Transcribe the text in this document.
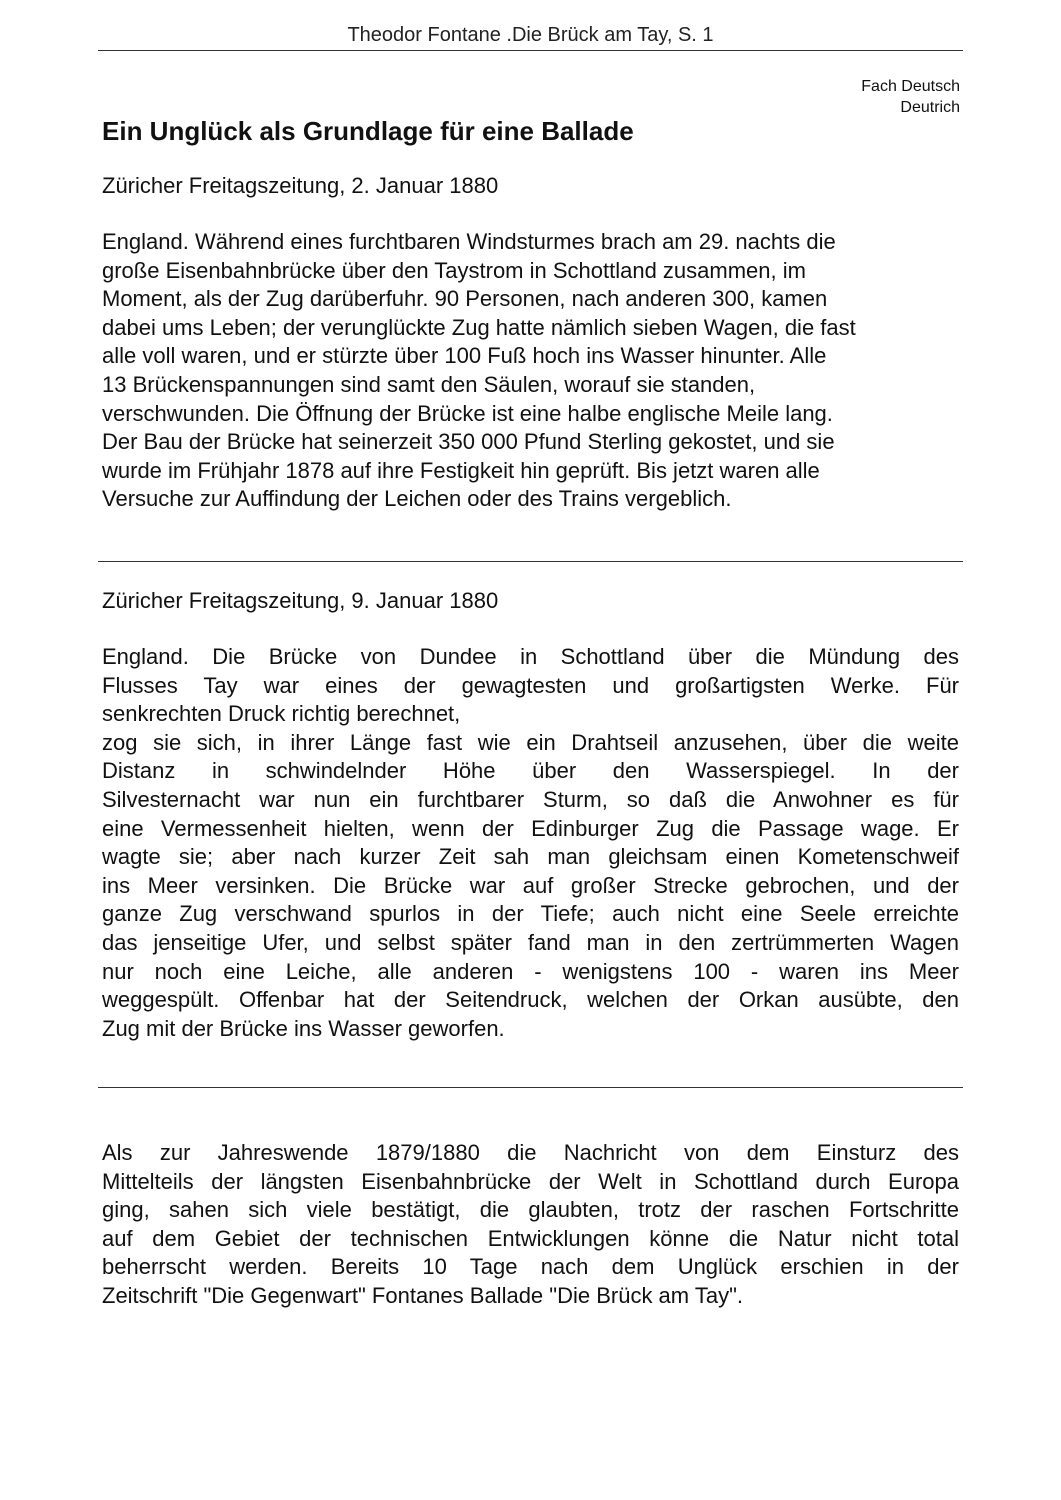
Theodor Fontane .Die Brück am Tay, S. 1
Fach Deutsch
Deutrich
Ein Unglück als Grundlage für eine Ballade
Züricher Freitagszeitung, 2. Januar 1880
England. Während eines furchtbaren Windsturmes brach am 29. nachts die
große Eisenbahnbrücke über den Taystrom in Schottland zusammen, im
Moment, als der Zug darüberfuhr. 90 Personen, nach anderen 300, kamen
dabei ums Leben; der verunglückte Zug hatte nämlich sieben Wagen, die fast
alle voll waren, und er stürzte über 100 Fuß hoch ins Wasser hinunter. Alle
13 Brückenspannungen sind samt den Säulen, worauf sie standen,
verschwunden. Die Öffnung der Brücke ist eine halbe englische Meile lang.
Der Bau der Brücke hat seinerzeit 350 000 Pfund Sterling gekostet, und sie
wurde im Frühjahr 1878 auf ihre Festigkeit hin geprüft. Bis jetzt waren alle
Versuche zur Auffindung der Leichen oder des Trains vergeblich.
Züricher Freitagszeitung, 9. Januar 1880
England. Die Brücke von Dundee in Schottland über die Mündung des
Flusses Tay war eines der gewagtesten und großartigsten Werke. Für
senkrechten Druck richtig berechnet,
zog sie sich, in ihrer Länge fast wie ein Drahtseil anzusehen, über die weite
Distanz in schwindelnder Höhe über den Wasserspiegel. In der
Silvesternacht war nun ein furchtbarer Sturm, so daß die Anwohner es für
eine Vermessenheit hielten, wenn der Edinburger Zug die Passage wage. Er
wagte sie; aber nach kurzer Zeit sah man gleichsam einen Kometenschweif
ins Meer versinken. Die Brücke war auf großer Strecke gebrochen, und der
ganze Zug verschwand spurlos in der Tiefe; auch nicht eine Seele erreichte
das jenseitige Ufer, und selbst später fand man in den zertrümmerten Wagen
nur noch eine Leiche, alle anderen - wenigstens 100 - waren ins Meer
weggespült. Offenbar hat der Seitendruck, welchen der Orkan ausübte, den
Zug mit der Brücke ins Wasser geworfen.
Als zur Jahreswende 1879/1880 die Nachricht von dem Einsturz des
Mittelteils der längsten Eisenbahnbrücke der Welt in Schottland durch Europa
ging, sahen sich viele bestätigt, die glaubten, trotz der raschen Fortschritte
auf dem Gebiet der technischen Entwicklungen könne die Natur nicht total
beherrscht werden. Bereits 10 Tage nach dem Unglück erschien in der
Zeitschrift "Die Gegenwart" Fontanes Ballade "Die Brück am Tay".
